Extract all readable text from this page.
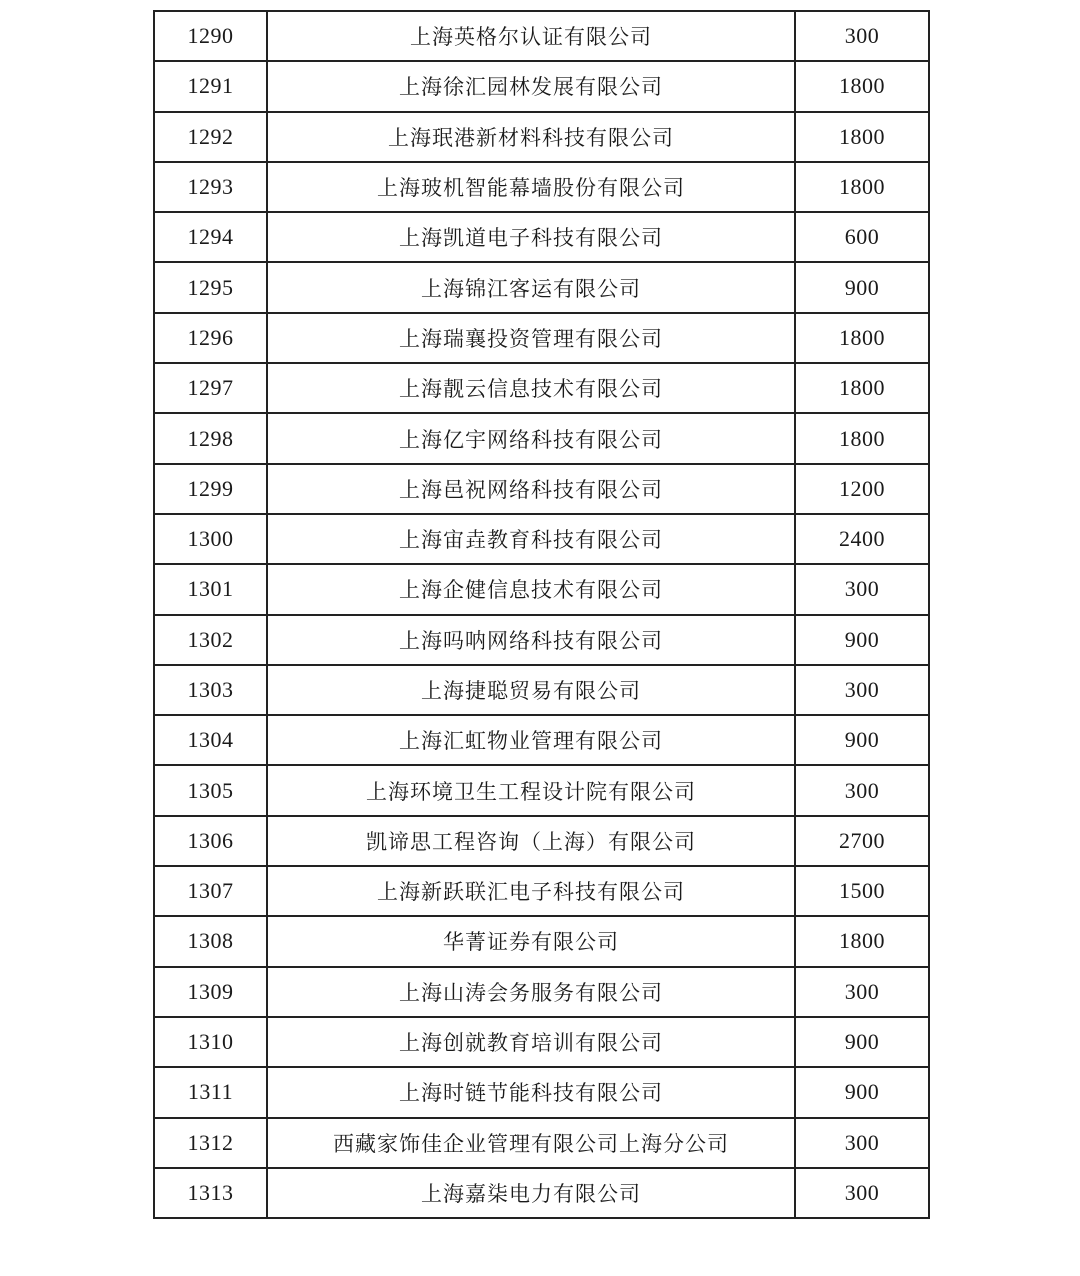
1290	上海英格尔认证有限公司	300
1291	上海徐汇园林发展有限公司	1800
1292	上海珉港新材料科技有限公司	1800
1293	上海玻机智能幕墙股份有限公司	1800
1294	上海凯道电子科技有限公司	600
1295	上海锦江客运有限公司	900
1296	上海瑞襄投资管理有限公司	1800
1297	上海靓云信息技术有限公司	1800
1298	上海亿宇网络科技有限公司	1800
1299	上海邑祝网络科技有限公司	1200
1300	上海宙垚教育科技有限公司	2400
1301	上海企健信息技术有限公司	300
1302	上海吗呐网络科技有限公司	900
1303	上海捷聪贸易有限公司	300
1304	上海汇虹物业管理有限公司	900
1305	上海环境卫生工程设计院有限公司	300
1306	凯谛思工程咨询（上海）有限公司	2700
1307	上海新跃联汇电子科技有限公司	1500
1308	华菁证券有限公司	1800
1309	上海山涛会务服务有限公司	300
1310	上海创就教育培训有限公司	900
1311	上海时链节能科技有限公司	900
1312	西藏家饰佳企业管理有限公司上海分公司	300
1313	上海嘉柒电力有限公司	300
